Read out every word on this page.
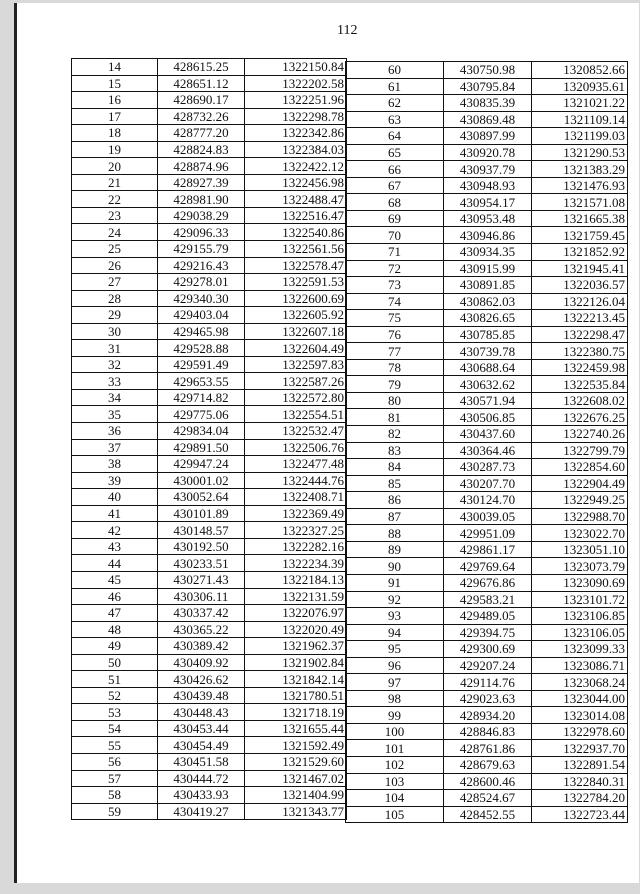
112
14	428615.25	1322150.84
15	428651.12	1322202.58
16	428690.17	1322251.96
17	428732.26	1322298.78
18	428777.20	1322342.86
19	428824.83	1322384.03
20	428874.96	1322422.12
21	428927.39	1322456.98
22	428981.90	1322488.47
23	429038.29	1322516.47
24	429096.33	1322540.86
25	429155.79	1322561.56
26	429216.43	1322578.47
27	429278.01	1322591.53
28	429340.30	1322600.69
29	429403.04	1322605.92
30	429465.98	1322607.18
31	429528.88	1322604.49
32	429591.49	1322597.83
33	429653.55	1322587.26
34	429714.82	1322572.80
35	429775.06	1322554.51
36	429834.04	1322532.47
37	429891.50	1322506.76
38	429947.24	1322477.48
39	430001.02	1322444.76
40	430052.64	1322408.71
41	430101.89	1322369.49
42	430148.57	1322327.25
43	430192.50	1322282.16
44	430233.51	1322234.39
45	430271.43	1322184.13
46	430306.11	1322131.59
47	430337.42	1322076.97
48	430365.22	1322020.49
49	430389.42	1321962.37
50	430409.92	1321902.84
51	430426.62	1321842.14
52	430439.48	1321780.51
53	430448.43	1321718.19
54	430453.44	1321655.44
55	430454.49	1321592.49
56	430451.58	1321529.60
57	430444.72	1321467.02
58	430433.93	1321404.99
59	430419.27	1321343.77
60	430750.98	1320852.66
61	430795.84	1320935.61
62	430835.39	1321021.22
63	430869.48	1321109.14
64	430897.99	1321199.03
65	430920.78	1321290.53
66	430937.79	1321383.29
67	430948.93	1321476.93
68	430954.17	1321571.08
69	430953.48	1321665.38
70	430946.86	1321759.45
71	430934.35	1321852.92
72	430915.99	1321945.41
73	430891.85	1322036.57
74	430862.03	1322126.04
75	430826.65	1322213.45
76	430785.85	1322298.47
77	430739.78	1322380.75
78	430688.64	1322459.98
79	430632.62	1322535.84
80	430571.94	1322608.02
81	430506.85	1322676.25
82	430437.60	1322740.26
83	430364.46	1322799.79
84	430287.73	1322854.60
85	430207.70	1322904.49
86	430124.70	1322949.25
87	430039.05	1322988.70
88	429951.09	1323022.70
89	429861.17	1323051.10
90	429769.64	1323073.79
91	429676.86	1323090.69
92	429583.21	1323101.72
93	429489.05	1323106.85
94	429394.75	1323106.05
95	429300.69	1323099.33
96	429207.24	1323086.71
97	429114.76	1323068.24
98	429023.63	1323044.00
99	428934.20	1323014.08
100	428846.83	1322978.60
101	428761.86	1322937.70
102	428679.63	1322891.54
103	428600.46	1322840.31
104	428524.67	1322784.20
105	428452.55	1322723.44
